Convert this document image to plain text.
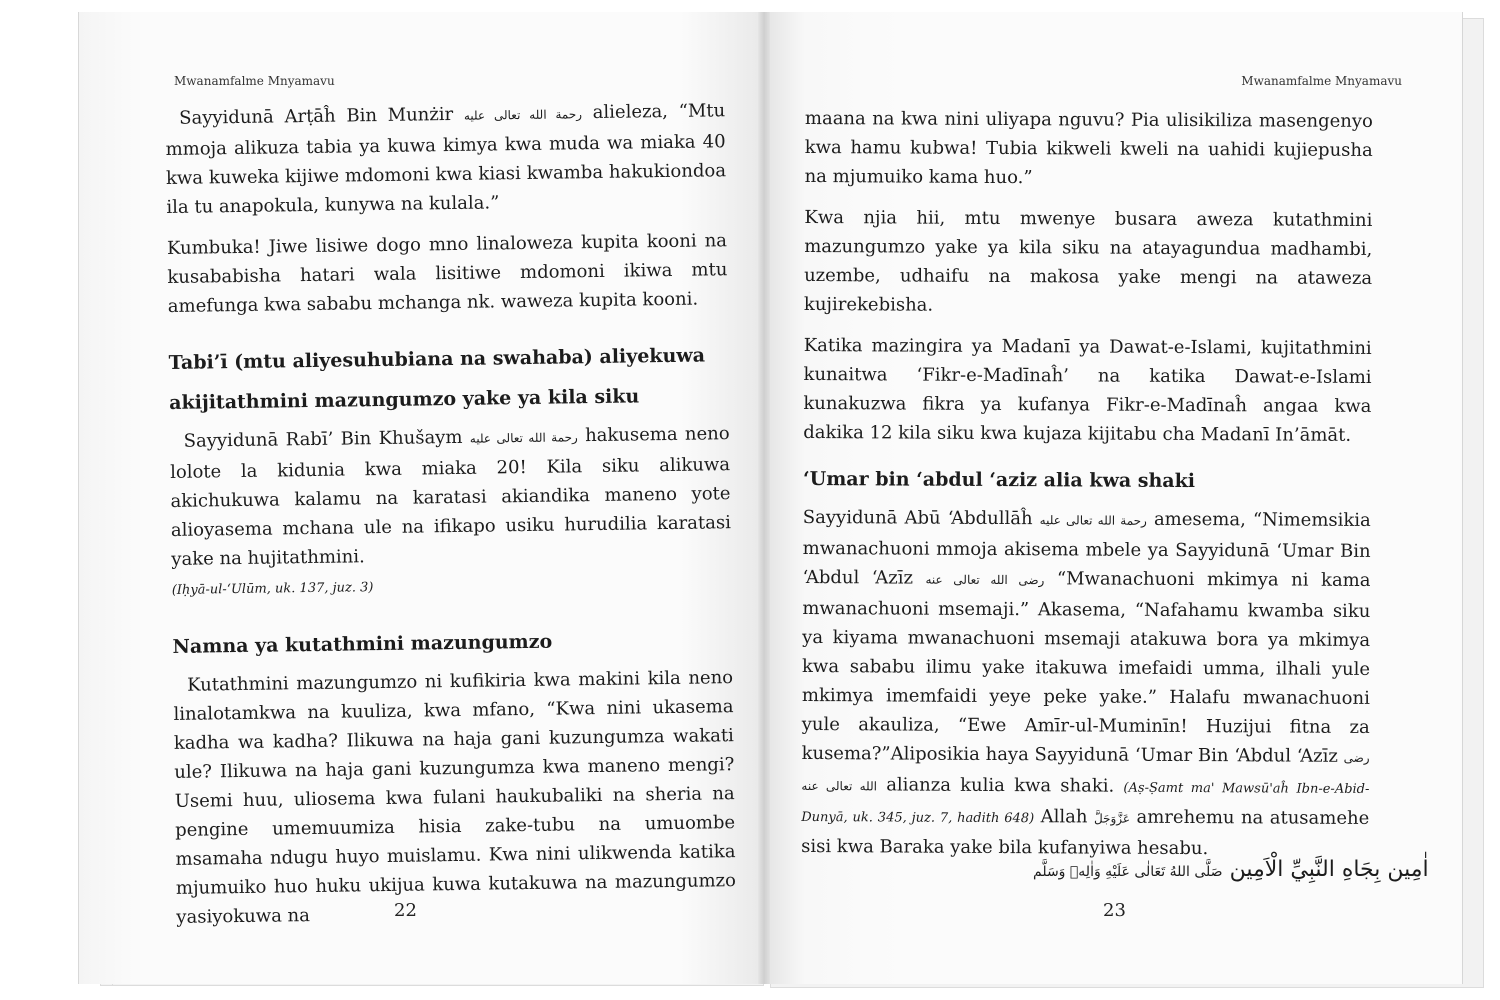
Mwanamfalme Mnyamavu

Sayyidunā Arṭāĥ Bin Munżir رحمة الله تعالى عليه alieleza, “Mtu mmoja alikuza tabia ya kuwa kimya kwa muda wa miaka 40 kwa kuweka kijiwe mdomoni kwa kiasi kwamba hakukiondoa ila tu anapokula, kunywa na kulala.”

Kumbuka! Jiwe lisiwe dogo mno linaloweza kupita kooni na kusababisha hatari wala lisitiwe mdomoni ikiwa mtu amefunga kwa sababu mchanga nk. waweza kupita kooni.

Tabi’ī (mtu aliyesuhubiana na swahaba) aliyekuwa
akijitathmini mazungumzo yake ya kila siku

Sayyidunā Rabī’ Bin Khušaym رحمة الله تعالى عليه hakusema neno lolote la kidunia kwa miaka 20! Kila siku alikuwa akichukuwa kalamu na karatasi akiandika maneno yote alioyasema mchana ule na ifikapo usiku hurudilia karatasi yake na hujitathmini.
(Iḥyā-ul-‘Ulūm, uk. 137, juz. 3)

Namna ya kutathmini mazungumzo

Kutathmini mazungumzo ni kufikiria kwa makini kila neno linalotamkwa na kuuliza, kwa mfano, “Kwa nini ukasema kadha wa kadha? Ilikuwa na haja gani kuzungumza wakati ule? Ilikuwa na haja gani kuzungumza kwa maneno mengi? Usemi huu, uliosema kwa fulani haukubaliki na sheria na pengine umemuumiza hisia zake-tubu na umuombe msamaha ndugu huyo muislamu. Kwa nini ulikwenda katika mjumuiko huo huku ukijua kuwa kutakuwa na mazungumzo yasiyokuwa na	22
Mwanamfalme Mnyamavu

maana na kwa nini uliyapa nguvu? Pia ulisikiliza masengenyo kwa hamu kubwa! Tubia kikweli kweli na uahidi kujiepusha na mjumuiko kama huo.”

Kwa njia hii, mtu mwenye busara aweza kutathmini mazungumzo yake ya kila siku na atayagundua madhambi, uzembe, udhaifu na makosa yake mengi na ataweza kujirekebisha.

Katika mazingira ya Madanī ya Dawat-e-Islami, kujitathmini kunaitwa ‘Fikr-e-Madīnaĥ’ na katika Dawat-e-Islami kunakuzwa fikra ya kufanya Fikr-e-Madīnaĥ angaa kwa dakika 12 kila siku kwa kujaza kijitabu cha Madanī In’āmāt.

‘Umar bin ‘abdul ‘aziz alia kwa shaki

Sayyidunā Abū ‘Abdullāĥ رحمة الله تعالى عليه amesema, “Nimemsikia mwanachuoni mmoja akisema mbele ya Sayyidunā ‘Umar Bin ‘Abdul ‘Azīz رضی الله تعالى عنه “Mwanachuoni mkimya ni kama mwanachuoni msemaji.” Akasema, “Nafahamu kwamba siku ya kiyama mwanachuoni msemaji atakuwa bora ya mkimya kwa sababu ilimu yake itakuwa imefaidi umma, ilhali yule mkimya imemfaidi yeye peke yake.” Halafu mwanachuoni yule akauliza, “Ewe Amīr-ul-Muminīn! Huzijui fitna za kusema?”Aliposikia haya Sayyidunā ‘Umar Bin ‘Abdul ‘Azīz رضی الله تعالى عنه alianza kulia kwa shaki. (Aṣ-Ṣamt ma' Mawsū'aĥ Ibn-e-Abid-Dunyā, uk. 345, juz. 7, hadith 648) Allah عَزَّوَجَلَّ amrehemu na atusamehe sisi kwa Baraka yake bila kufanyiwa hesabu.

اٰمِين بِجَاهِ النَّبِيِّ الْاَمِين صَلَّى اللهُ تَعَالٰى عَلَيْهِ وَاٰلِهٖ وَسَلَّم
23
